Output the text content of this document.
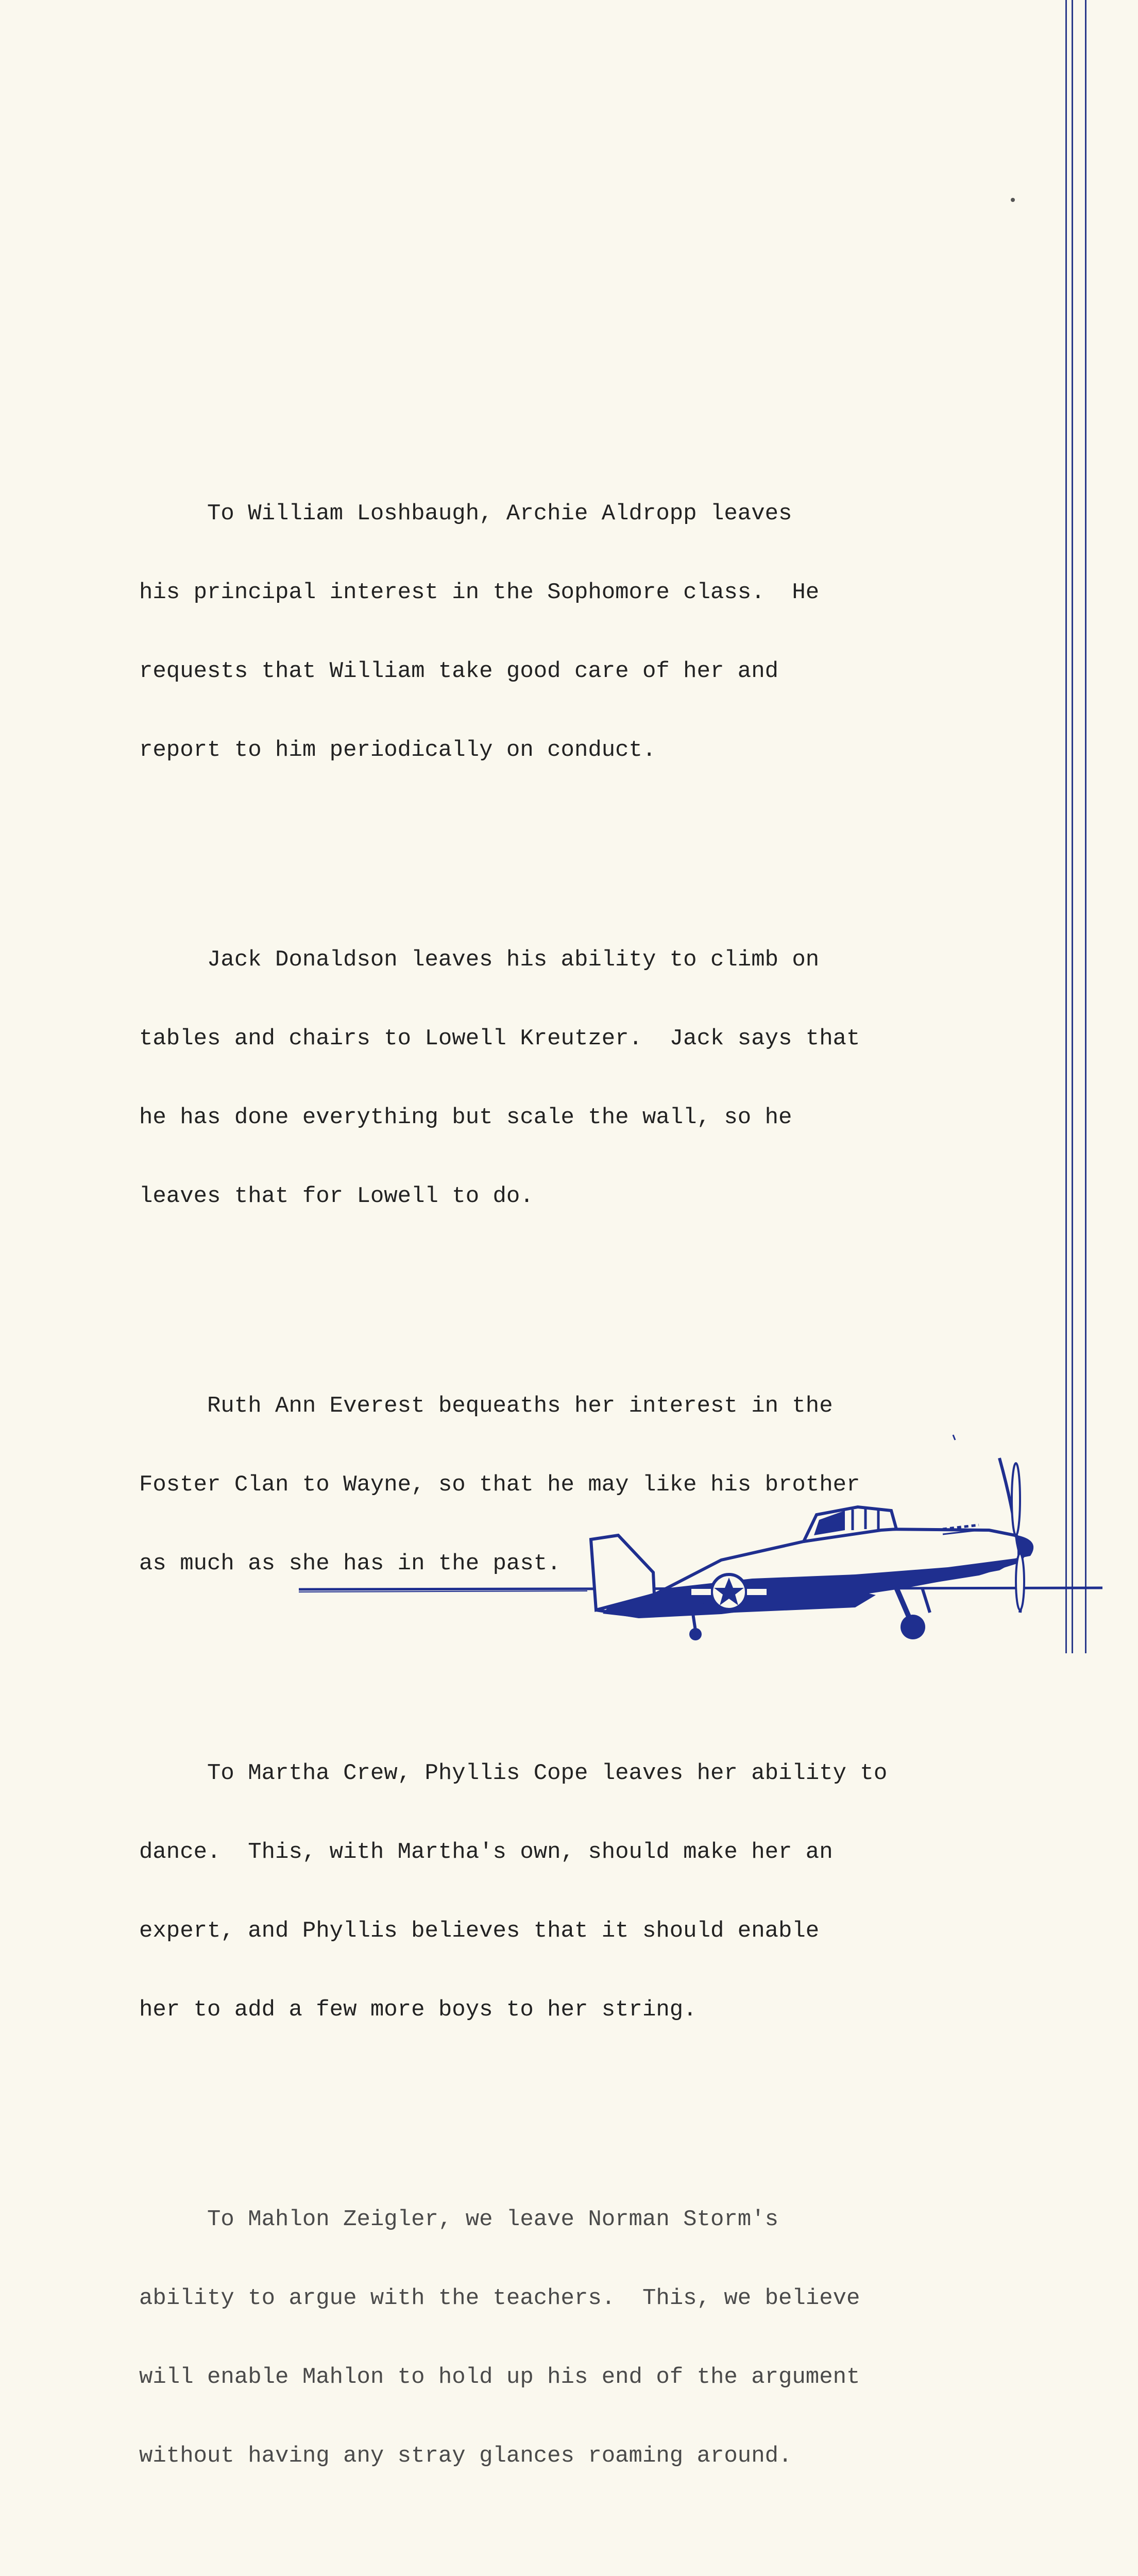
To William Loshbaugh, Archie Aldropp leaves

his principal interest in the Sophomore class.  He

requests that William take good care of her and

report to him periodically on conduct.

Jack Donaldson leaves his ability to climb on

tables and chairs to Lowell Kreutzer.  Jack says that

he has done everything but scale the wall, so he

leaves that for Lowell to do.

Ruth Ann Everest bequeaths her interest in the

Foster Clan to Wayne, so that he may like his brother

as much as she has in the past.

To Martha Crew, Phyllis Cope leaves her ability to

dance.  This, with Martha's own, should make her an

expert, and Phyllis believes that it should enable

her to add a few more boys to her string.

To Mahlon Zeigler, we leave Norman Storm's

ability to argue with the teachers.  This, we believe

will enable Mahlon to hold up his end of the argument

without having any stray glances roaming around.
